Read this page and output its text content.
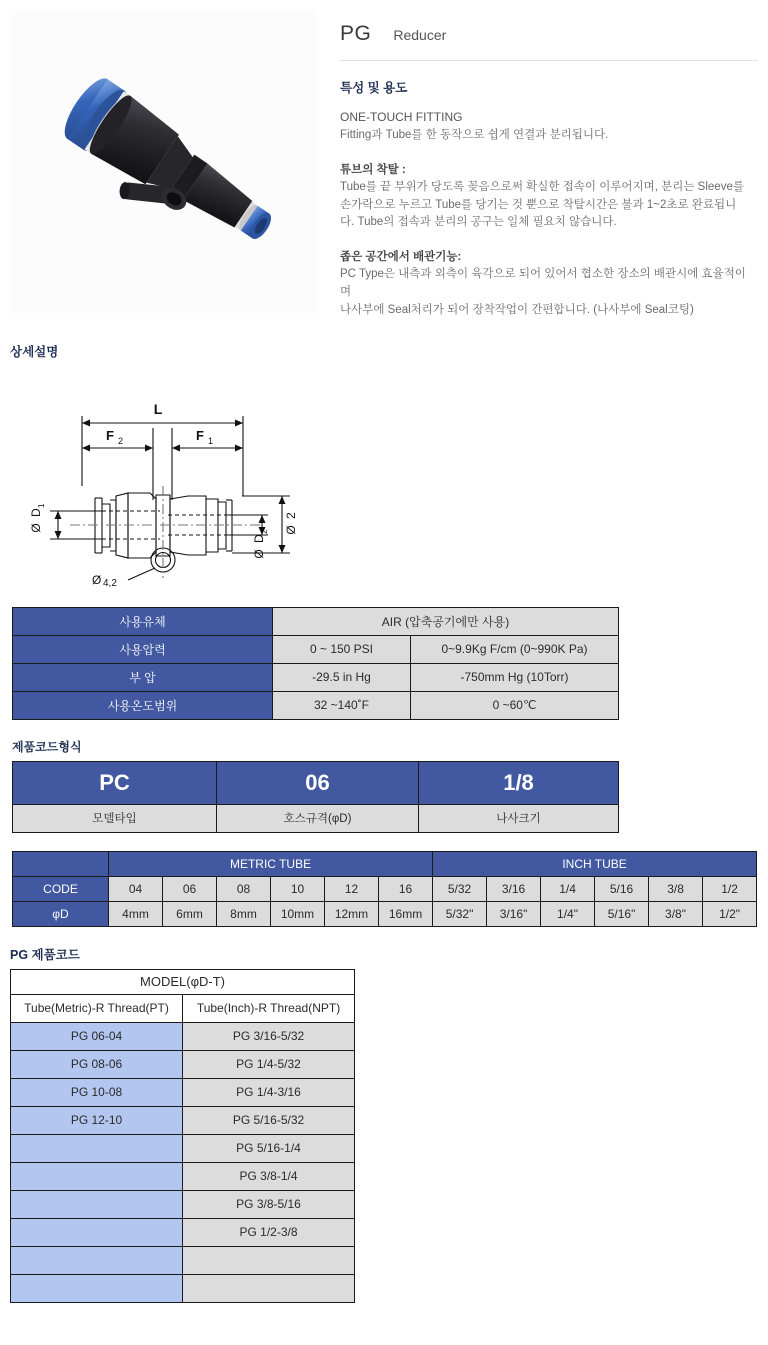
PG Reducer
특성 및 용도
ONE-TOUCH FITTING
Fitting과 Tube를 한 동작으로 쉽게 연결과 분리됩니다.
튜브의 착탈 :
Tube를 끝 부위가 당도록 꽂음으로써 확실한 접속이 이루어지며, 분리는 Sleeve를
손가락으로 누르고 Tube를 당기는 것 뿐으로 착탈시간은 불과 1~2초로 완료됩니
다. Tube의 접속과 분리의 공구는 일체 필요치 않습니다.
좁은 공간에서 배관기능:
PC Type은 내측과 외측이 육각으로 되어 있어서 협소한 장소의 배관시에 효율적이
며
나사부에 Seal처리가 되어 장착작업이 간편합니다. (나사부에 Seal코팅)
상세설명
L
F 2	F 1
Ø
D
1
Ø
D
2 Ø
2
Ø 4,2
사용유체	AIR (압축공기에만 사용)	
사용압력	0 ~ 150 PSI	0~9.9Kg F/cm (0~990K Pa)
부 압	-29.5 in Hg	-750mm Hg (10Torr)
사용온도범위	32 ~140˚F	0 ~60℃
제품코드형식
PC	06	1/8
모델타입	호스규격(φD)	나사크기
	METRIC TUBE						INCH TUBE					
CODE	04	06	08	10	12	16	5/32	3/16	1/4	5/16	3/8	1/2
φD	4mm	6mm	8mm	10mm	12mm	16mm	5/32"	3/16"	1/4"	5/16"	3/8"	1/2"
PG 제품코드
MODEL(φD-T)	
Tube(Metric)-R Thread(PT)	Tube(Inch)-R Thread(NPT)
PG 06-04	PG 3/16-5/32
PG 08-06	PG 1/4-5/32
PG 10-08	PG 1/4-3/16
PG 12-10	PG 5/16-5/32
	PG 5/16-1/4
	PG 3/8-1/4
	PG 3/8-5/16
	PG 1/2-3/8
